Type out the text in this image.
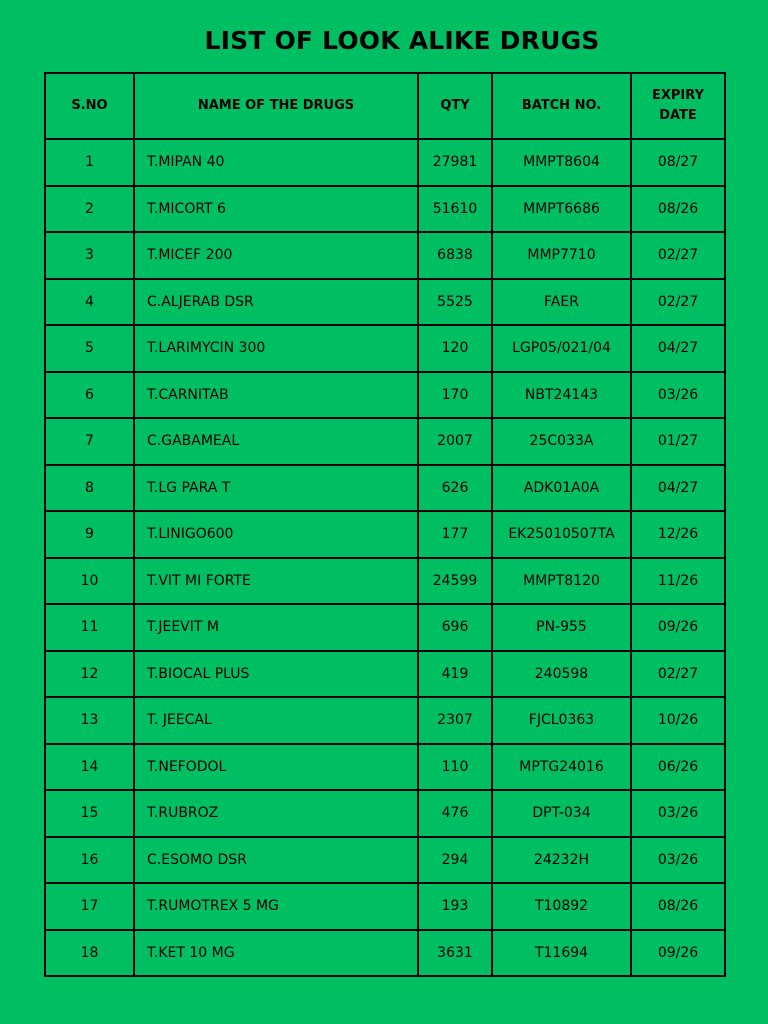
LIST OF LOOK ALIKE DRUGS
S.NO	NAME OF THE DRUGS	QTY	BATCH NO.	EXPIRY DATE

1	T.MIPAN 40	27981	MMPT8604	08/27
2	T.MICORT 6	51610	MMPT6686	08/26
3	T.MICEF 200	6838	MMP7710	02/27
4	C.ALJERAB DSR	5525	FAER	02/27
5	T.LARIMYCIN 300	120	LGP05/021/04	04/27
6	T.CARNITAB	170	NBT24143	03/26
7	C.GABAMEAL	2007	25C033A	01/27
8	T.LG PARA T	626	ADK01A0A	04/27
9	T.LINIGO600	177	EK25010507TA	12/26
10	T.VIT MI FORTE	24599	MMPT8120	11/26
11	T.JEEVIT M	696	PN-955	09/26
12	T.BIOCAL PLUS	419	240598	02/27
13	T. JEECAL	2307	FJCL0363	10/26
14	T.NEFODOL	110	MPTG24016	06/26
15	T.RUBROZ	476	DPT-034	03/26
16	C.ESOMO DSR	294	24232H	03/26
17	T.RUMOTREX 5 MG	193	T10892	08/26
18	T.KET 10 MG	3631	T11694	09/26
